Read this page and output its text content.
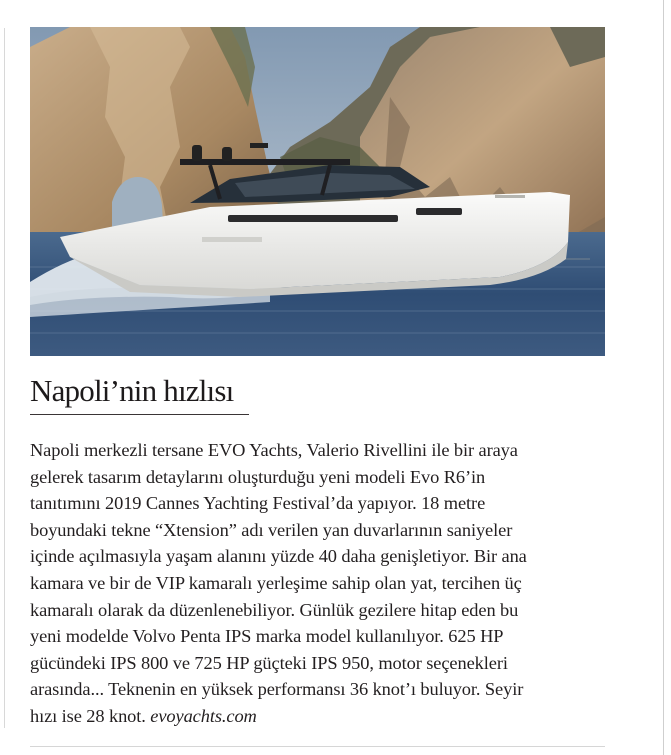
Napoli’nin hızlısı

Napoli merkezli tersane EVO Yachts, Valerio Rivellini ile bir araya
gelerek tasarım detaylarını oluşturduğu yeni modeli Evo R6’in
tanıtımını 2019 Cannes Yachting Festival’da yapıyor. 18 metre
boyundaki tekne “Xtension” adı verilen yan duvarlarının saniyeler
içinde açılmasıyla yaşam alanını yüzde 40 daha genişletiyor. Bir ana
kamara ve bir de VIP kamaralı yerleşime sahip olan yat, tercihen üç
kamaralı olarak da düzenlenebiliyor. Günlük gezilere hitap eden bu
yeni modelde Volvo Penta IPS marka model kullanılıyor. 625 HP
gücündeki IPS 800 ve 725 HP güçteki IPS 950, motor seçenekleri
arasında... Teknenin en yüksek performansı 36 knot’ı buluyor. Seyir
hızı ise 28 knot. evoyachts.com
